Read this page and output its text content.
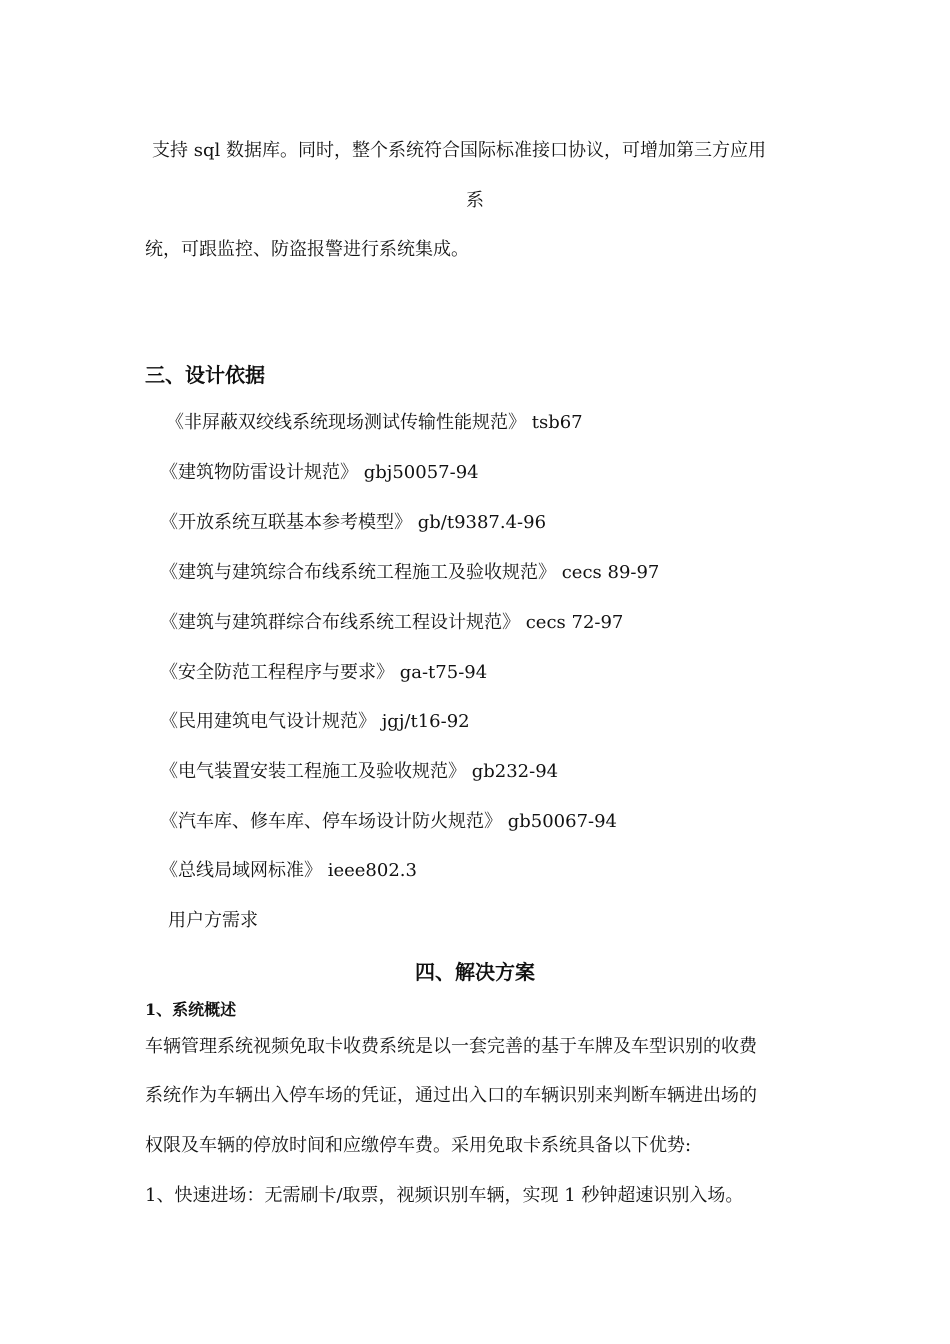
支持 sql 数据库。同时，整个系统符合国际标准接口协议，可增加第三方应用
系
统，可跟监控、防盗报警进行系统集成。
三、设计依据
《非屏蔽双绞线系统现场测试传输性能规范》 tsb67
《建筑物防雷设计规范》 gbj50057-94
《开放系统互联基本参考模型》 gb/t9387.4-96
《建筑与建筑综合布线系统工程施工及验收规范》 cecs 89-97
《建筑与建筑群综合布线系统工程设计规范》 cecs 72-97
《安全防范工程程序与要求》 ga-t75-94
《民用建筑电气设计规范》 jgj/t16-92
《电气装置安装工程施工及验收规范》 gb232-94
《汽车库、修车库、停车场设计防火规范》 gb50067-94
《总线局域网标准》 ieee802.3
用户方需求
四、解决方案
1、系统概述
车辆管理系统视频免取卡收费系统是以一套完善的基于车牌及车型识别的收费
系统作为车辆出入停车场的凭证，通过出入口的车辆识别来判断车辆进出场的
权限及车辆的停放时间和应缴停车费。采用免取卡系统具备以下优势:
1、快速进场：无需刷卡/取票，视频识别车辆，实现 1 秒钟超速识别入场。
